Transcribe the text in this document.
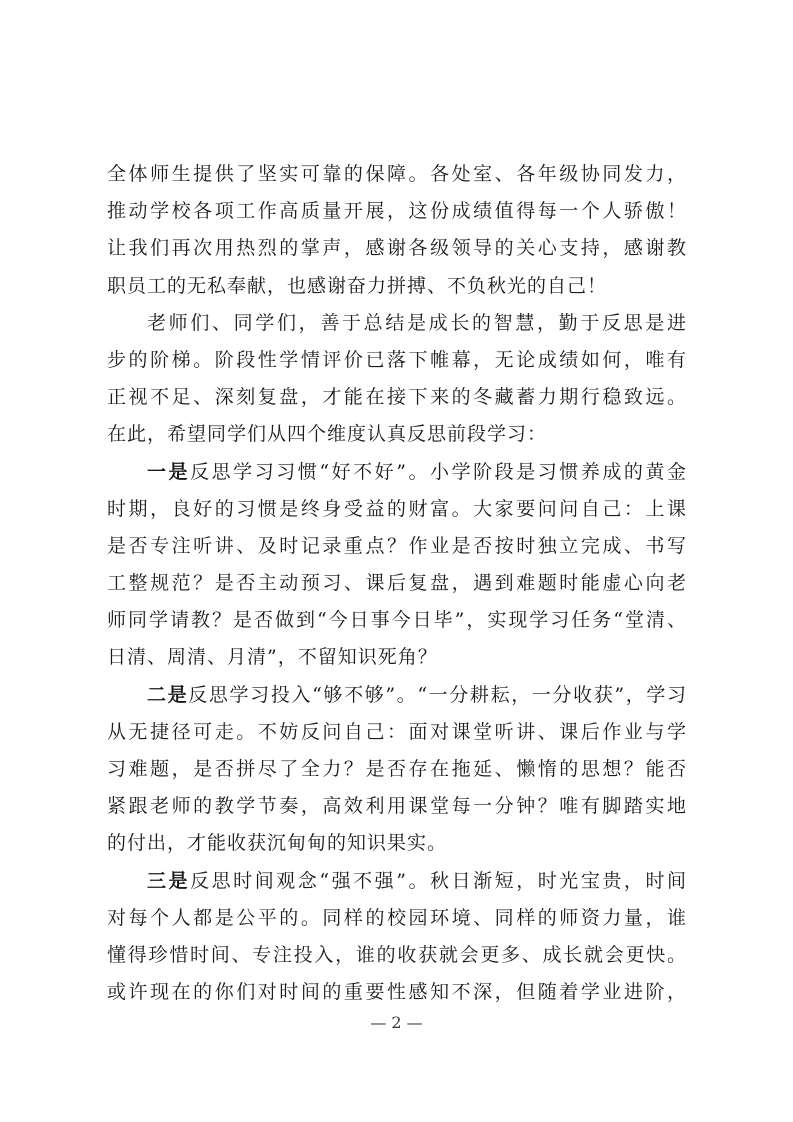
全体师生提供了坚实可靠的保障。各处室、各年级协同发力，
推动学校各项工作高质量开展，这份成绩值得每一个人骄傲！
让我们再次用热烈的掌声，感谢各级领导的关心支持，感谢教
职员工的无私奉献，也感谢奋力拼搏、不负秋光的自己！
老师们、同学们，善于总结是成长的智慧，勤于反思是进
步的阶梯。阶段性学情评价已落下帷幕，无论成绩如何，唯有
正视不足、深刻复盘，才能在接下来的冬藏蓄力期行稳致远。
在此，希望同学们从四个维度认真反思前段学习：
一是反思学习习惯“好不好”。小学阶段是习惯养成的黄金
时期，良好的习惯是终身受益的财富。大家要问问自己：上课
是否专注听讲、及时记录重点？作业是否按时独立完成、书写
工整规范？是否主动预习、课后复盘，遇到难题时能虚心向老
师同学请教？是否做到“今日事今日毕”，实现学习任务“堂清、
日清、周清、月清”，不留知识死角？
二是反思学习投入“够不够”。“一分耕耘，一分收获”，学习
从无捷径可走。不妨反问自己：面对课堂听讲、课后作业与学
习难题，是否拼尽了全力？是否存在拖延、懒惰的思想？能否
紧跟老师的教学节奏，高效利用课堂每一分钟？唯有脚踏实地
的付出，才能收获沉甸甸的知识果实。
三是反思时间观念“强不强”。秋日渐短，时光宝贵，时间
对每个人都是公平的。同样的校园环境、同样的师资力量，谁
懂得珍惜时间、专注投入，谁的收获就会更多、成长就会更快。
或许现在的你们对时间的重要性感知不深，但随着学业进阶，
— 2 —
